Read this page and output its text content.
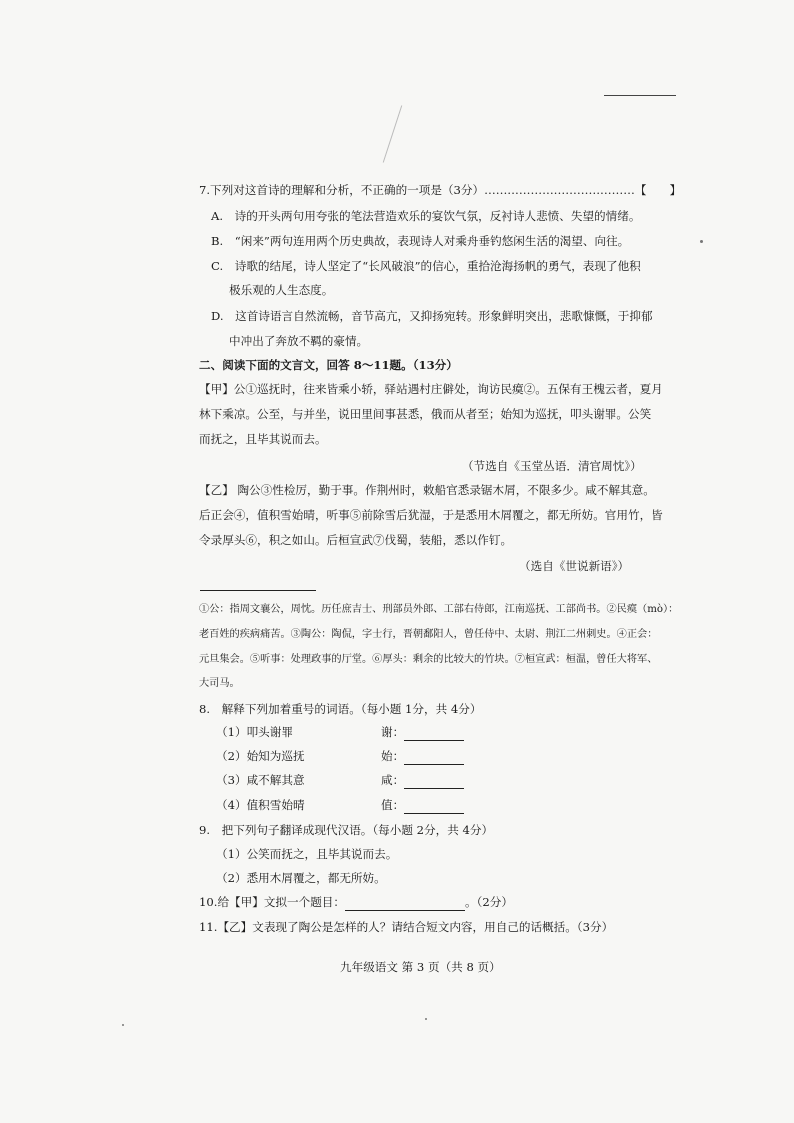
7.下列对这首诗的理解和分析，不正确的一项是（3分）…………………………………【　　】
A.　诗的开头两句用夸张的笔法营造欢乐的宴饮气氛，反衬诗人悲愤、失望的情绪。
B.　“闲来”两句连用两个历史典故，表现诗人对乘舟垂钓悠闲生活的渴望、向往。
C.　诗歌的结尾，诗人坚定了“长风破浪”的信心，重拾沧海扬帆的勇气，表现了他积
极乐观的人生态度。
D.　这首诗语言自然流畅，音节高亢，又抑扬宛转。形象鲜明突出，悲歌慷慨，于抑郁
中冲出了奔放不羁的豪情。
二、阅读下面的文言文，回答 8～11题。（13分）
【甲】公①巡抚时，往来皆乘小轿，驿站遇村庄僻处，询访民瘼②。五保有王槐云者，夏月
林下乘凉。公至，与并坐，说田里间事甚悉，俄而从者至；始知为巡抚，叩头谢罪。公笑
而抚之，且毕其说而去。
（节选自《玉堂丛语．清官周忱》）
【乙】 陶公③性检厉，勤于事。作荆州时，敕船官悉录锯木屑，不限多少。咸不解其意。
后正会④，值积雪始晴，听事⑤前除雪后犹湿，于是悉用木屑覆之，都无所妨。官用竹，皆
令录厚头⑥，积之如山。后桓宣武⑦伐蜀，装船，悉以作钉。
（选自《世说新语》）
①公：指周文襄公，周忱。历任庶吉士、刑部员外郎、工部右侍郎，江南巡抚、工部尚书。②民瘼（mò）：
老百姓的疾病痛苦。③陶公：陶侃，字士行，晋朝鄱阳人，曾任侍中、太尉、荆江二州刺史。④正会：
元旦集会。⑤听事：处理政事的厅堂。⑥厚头：剩余的比较大的竹块。⑦桓宣武：桓温，曾任大将军、
大司马。
8.　解释下列加着重号的词语。（每小题 1分，共 4分）
（1）叩头谢罪	谢：
（2）始知为巡抚	始：
（3）咸不解其意	咸：
（4）值积雪始晴	值：
9.　把下列句子翻译成现代汉语。（每小题 2分，共 4分）
（1）公笑而抚之，且毕其说而去。
（2）悉用木屑覆之，都无所妨。
10.给【甲】文拟一个题目：	。（2分）
11.【乙】文表现了陶公是怎样的人？请结合短文内容，用自己的话概括。（3分）
九年级语文 第 3 页（共 8 页）
